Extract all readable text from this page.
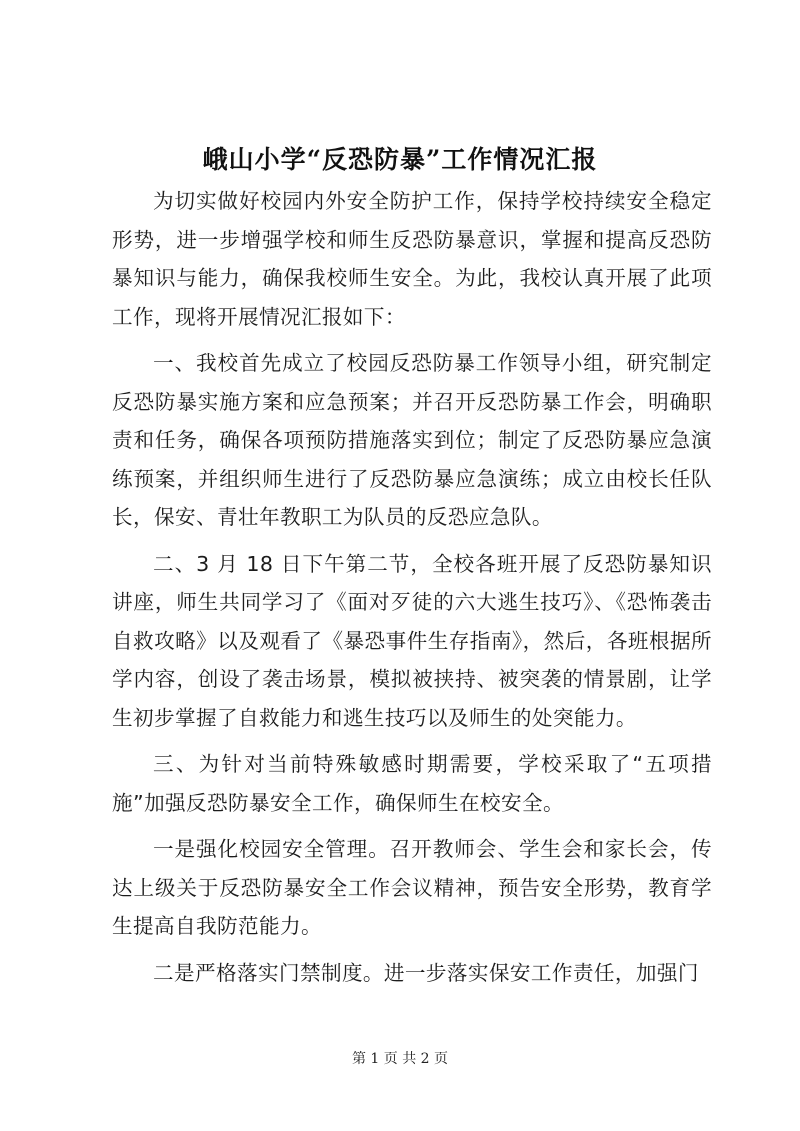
峨山小学“反恐防暴”工作情况汇报

为切实做好校园内外安全防护工作，保持学校持续安全稳定形势，进一步增强学校和师生反恐防暴意识，掌握和提高反恐防暴知识与能力，确保我校师生安全。为此，我校认真开展了此项工作，现将开展情况汇报如下：

一、我校首先成立了校园反恐防暴工作领导小组，研究制定反恐防暴实施方案和应急预案；并召开反恐防暴工作会，明确职责和任务，确保各项预防措施落实到位；制定了反恐防暴应急演练预案，并组织师生进行了反恐防暴应急演练；成立由校长任队长，保安、青壮年教职工为队员的反恐应急队。

二、3 月 18 日下午第二节，全校各班开展了反恐防暴知识讲座，师生共同学习了《面对歹徒的六大逃生技巧》、《恐怖袭击自救攻略》以及观看了《暴恐事件生存指南》，然后，各班根据所学内容，创设了袭击场景，模拟被挟持、被突袭的情景剧，让学生初步掌握了自救能力和逃生技巧以及师生的处突能力。

三、为针对当前特殊敏感时期需要，学校采取了“五项措施”加强反恐防暴安全工作，确保师生在校安全。

一是强化校园安全管理。召开教师会、学生会和家长会，传达上级关于反恐防暴安全工作会议精神，预告安全形势，教育学生提高自我防范能力。

二是严格落实门禁制度。进一步落实保安工作责任，加强门

第 1 页 共 2 页
